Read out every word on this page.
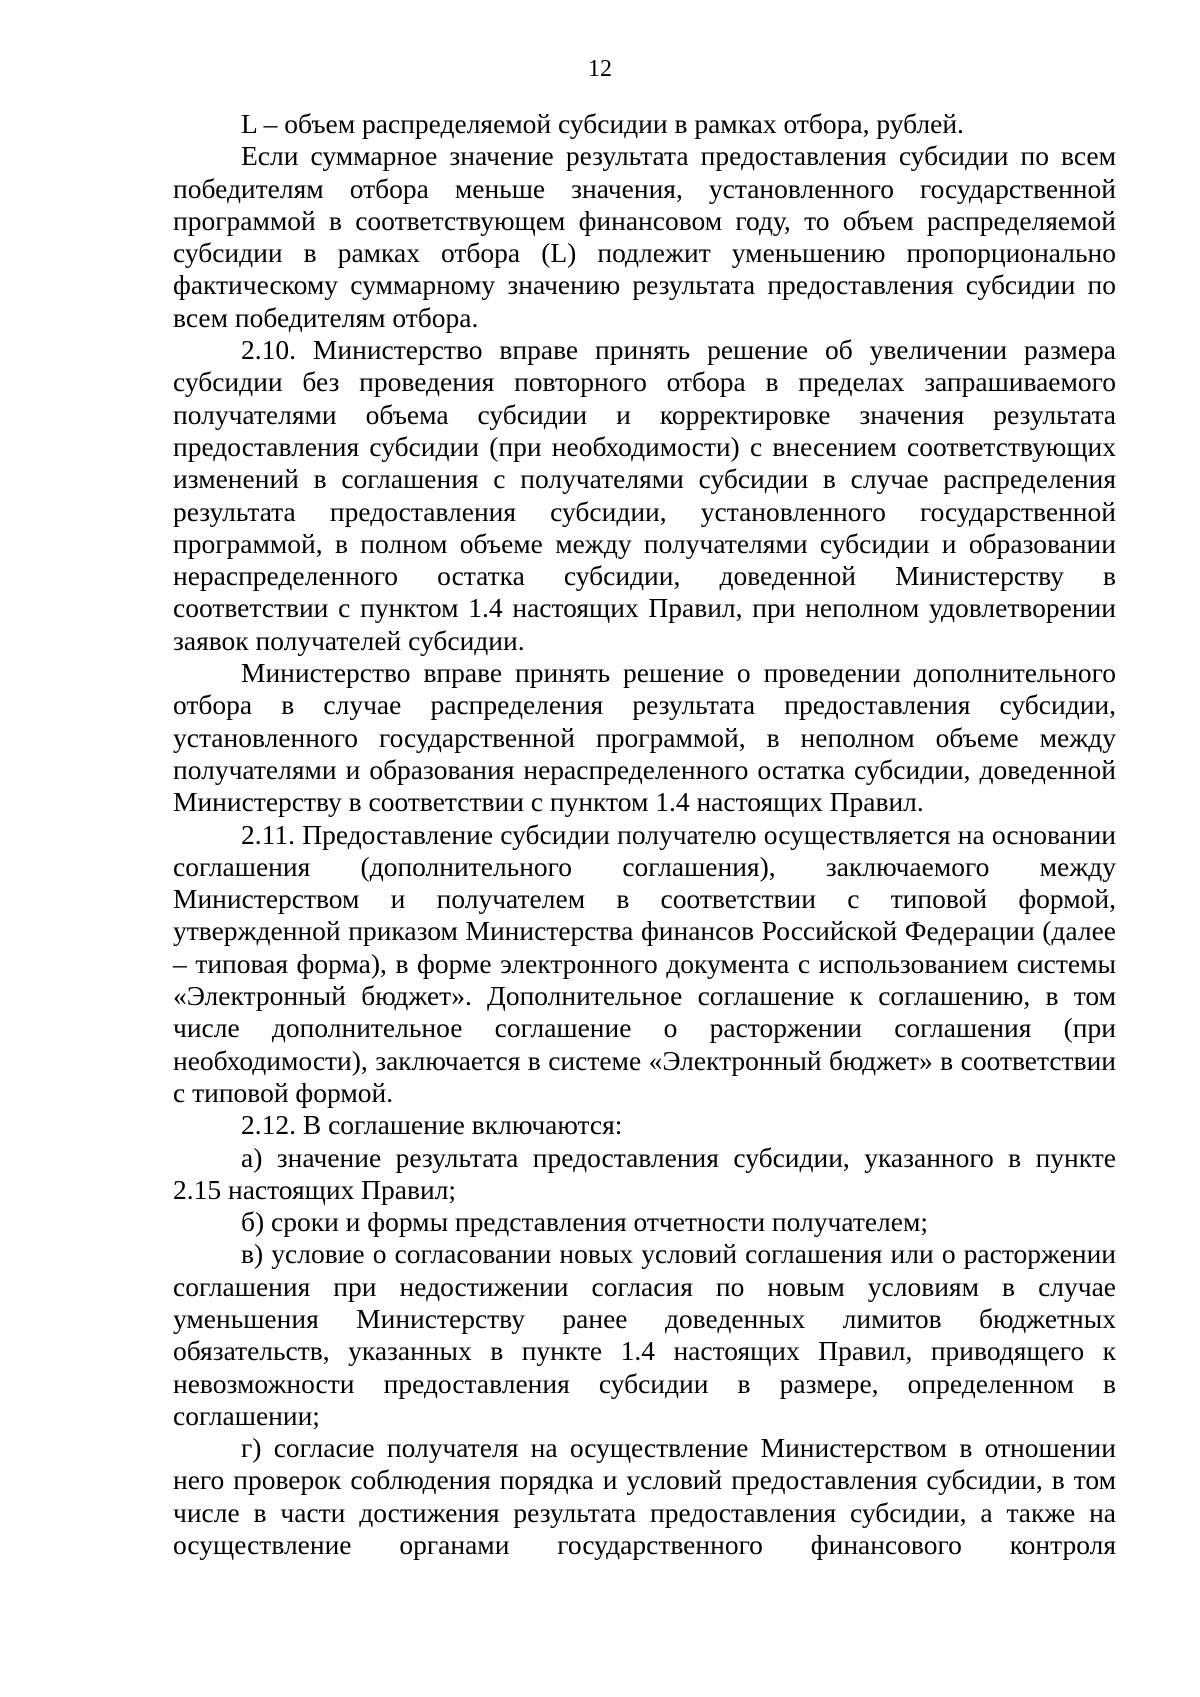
12

L – объем распределяемой субсидии в рамках отбора, рублей.

Если суммарное значение результата предоставления субсидии по всем победителям отбора меньше значения, установленного государственной программой в соответствующем финансовом году, то объем распределяемой субсидии в рамках отбора (L) подлежит уменьшению пропорционально фактическому суммарному значению результата предоставления субсидии по всем победителям отбора.

2.10. Министерство вправе принять решение об увеличении размера субсидии без проведения повторного отбора в пределах запрашиваемого получателями объема субсидии и корректировке значения результата предоставления субсидии (при необходимости) с внесением соответствующих изменений в соглашения с получателями субсидии в случае распределения результата предоставления субсидии, установленного государственной программой, в полном объеме между получателями субсидии и образовании нераспределенного остатка субсидии, доведенной Министерству в соответствии с пунктом 1.4 настоящих Правил, при неполном удовлетворении заявок получателей субсидии.

Министерство вправе принять решение о проведении дополнительного отбора в случае распределения результата предоставления субсидии, установленного государственной программой, в неполном объеме между получателями и образования нераспределенного остатка субсидии, доведенной Министерству в соответствии с пунктом 1.4 настоящих Правил.

2.11. Предоставление субсидии получателю осуществляется на основании соглашения (дополнительного соглашения), заключаемого между Министерством и получателем в соответствии с типовой формой, утвержденной приказом Министерства финансов Российской Федерации (далее – типовая форма), в форме электронного документа с использованием системы «Электронный бюджет». Дополнительное соглашение к соглашению, в том числе дополнительное соглашение о расторжении соглашения (при необходимости), заключается в системе «Электронный бюджет» в соответствии с типовой формой.

2.12. В соглашение включаются:

а) значение результата предоставления субсидии, указанного в пункте 2.15 настоящих Правил;

б) сроки и формы представления отчетности получателем;

в) условие о согласовании новых условий соглашения или о расторжении соглашения при недостижении согласия по новым условиям в случае уменьшения Министерству ранее доведенных лимитов бюджетных обязательств, указанных в пункте 1.4 настоящих Правил, приводящего к невозможности предоставления субсидии в размере, определенном в соглашении;

г) согласие получателя на осуществление Министерством в отношении него проверок соблюдения порядка и условий предоставления субсидии, в том числе в части достижения результата предоставления субсидии, а также на осуществление органами государственного финансового контроля
